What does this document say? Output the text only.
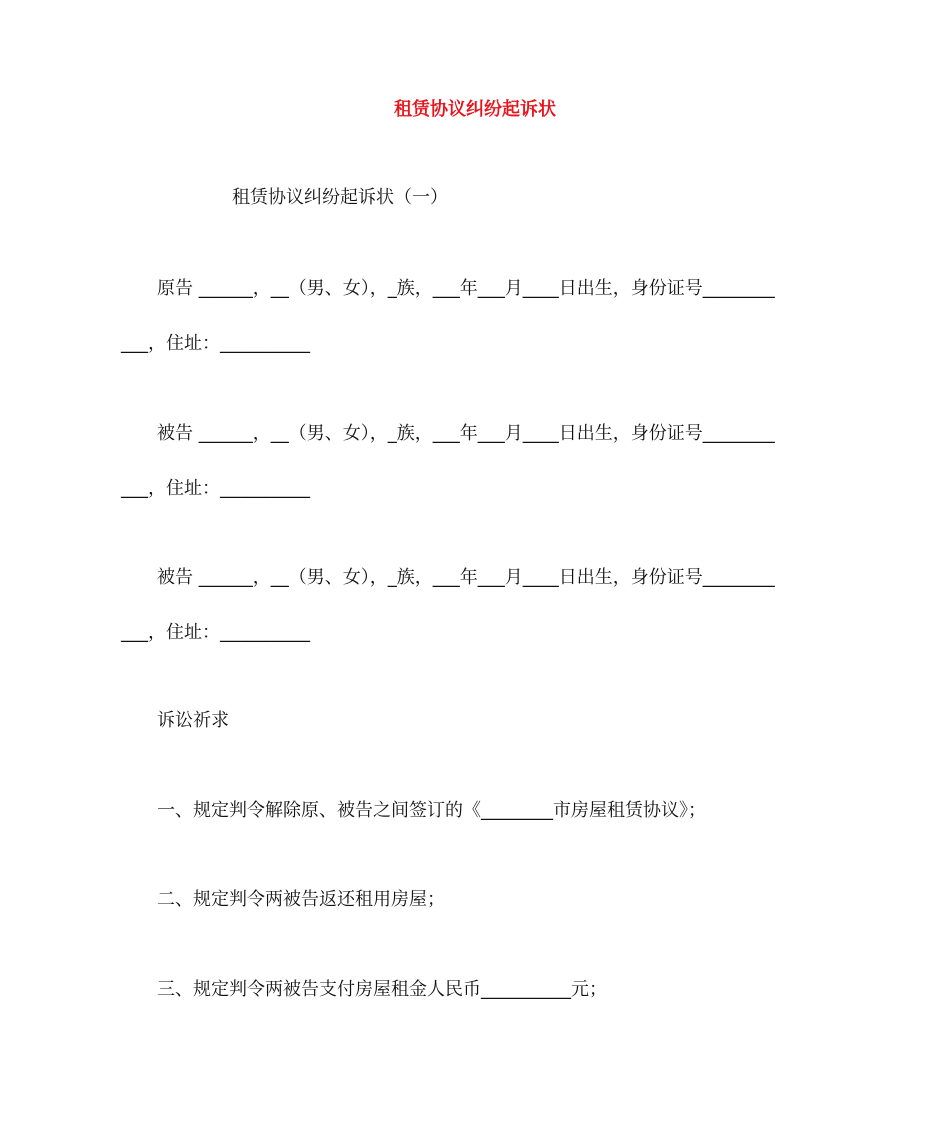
租赁协议纠纷起诉状
租赁协议纠纷起诉状（一）
原告 ______，__（男、女），_族，___年___月____日出生，身份证号________
___，住址：__________
被告 ______，__（男、女），_族，___年___月____日出生，身份证号________
___，住址：__________
被告 ______，__（男、女），_族，___年___月____日出生，身份证号________
___，住址：__________
诉讼祈求
一、规定判令解除原、被告之间签订的《________市房屋租赁协议》；
二、规定判令两被告返还租用房屋；
三、规定判令两被告支付房屋租金人民币__________元；
